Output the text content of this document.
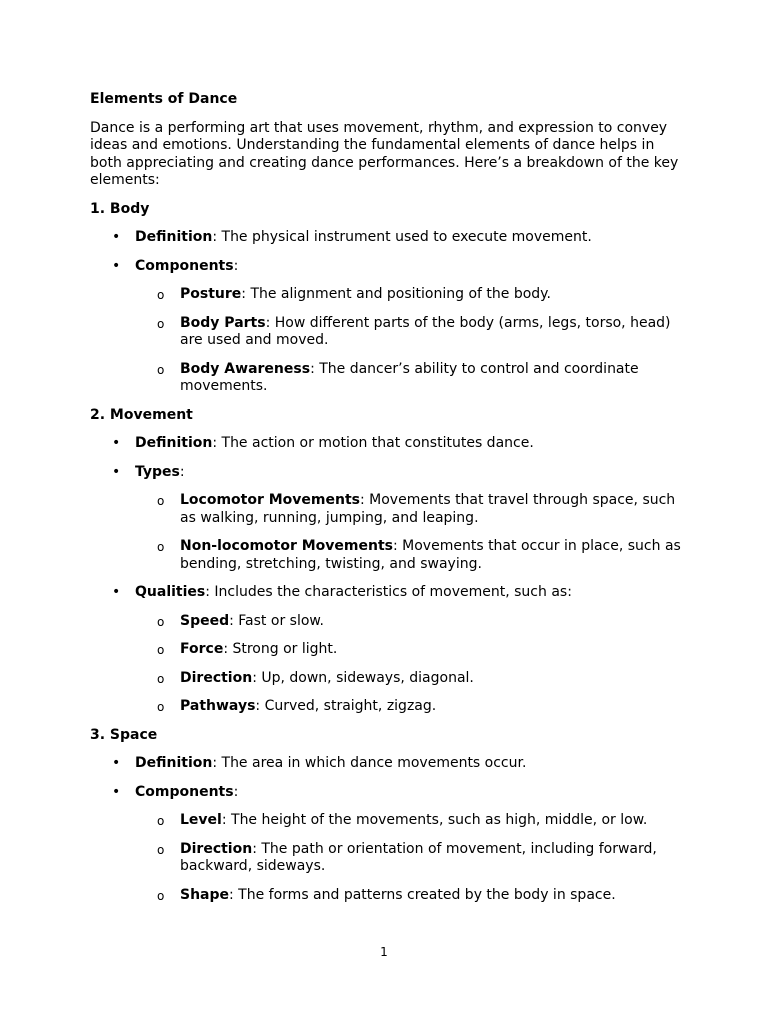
Elements of Dance

Dance is a performing art that uses movement, rhythm, and expression to convey ideas and emotions. Understanding the fundamental elements of dance helps in both appreciating and creating dance performances. Here’s a breakdown of the key elements:

1. Body
• Definition: The physical instrument used to execute movement.
• Components:
o Posture: The alignment and positioning of the body.
o Body Parts: How different parts of the body (arms, legs, torso, head) are used and moved.
o Body Awareness: The dancer’s ability to control and coordinate movements.
2. Movement
• Definition: The action or motion that constitutes dance.
• Types:
o Locomotor Movements: Movements that travel through space, such as walking, running, jumping, and leaping.
o Non-locomotor Movements: Movements that occur in place, such as bending, stretching, twisting, and swaying.
• Qualities: Includes the characteristics of movement, such as:
o Speed: Fast or slow.
o Force: Strong or light.
o Direction: Up, down, sideways, diagonal.
o Pathways: Curved, straight, zigzag.
3. Space
• Definition: The area in which dance movements occur.
• Components:
o Level: The height of the movements, such as high, middle, or low.
o Direction: The path or orientation of movement, including forward, backward, sideways.
o Shape: The forms and patterns created by the body in space.
1
